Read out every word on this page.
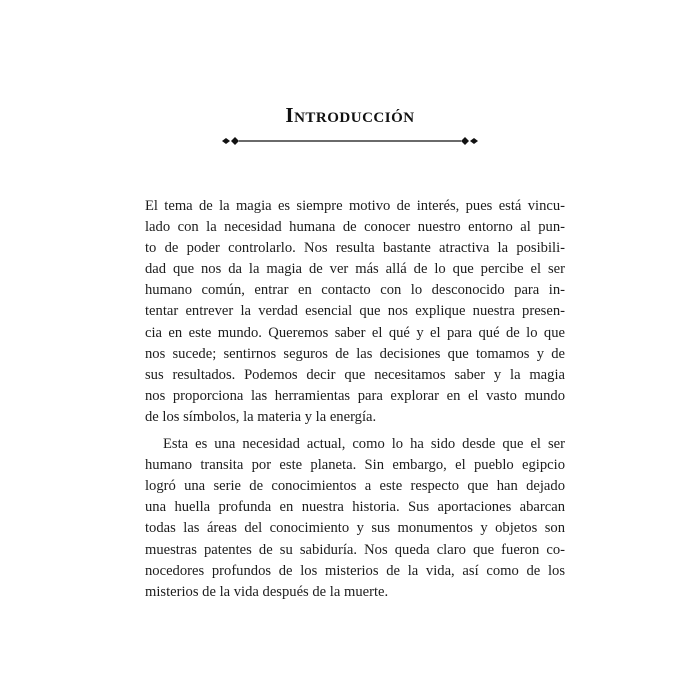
Introducción

El tema de la magia es siempre motivo de interés, pues está vincu-
lado con la necesidad humana de conocer nuestro entorno al pun-
to de poder controlarlo. Nos resulta bastante atractiva la posibili-
dad que nos da la magia de ver más allá de lo que percibe el ser
humano común, entrar en contacto con lo desconocido para in-
tentar entrever la verdad esencial que nos explique nuestra presen-
cia en este mundo. Queremos saber el qué y el para qué de lo que
nos sucede; sentirnos seguros de las decisiones que tomamos y de
sus resultados. Podemos decir que necesitamos saber y la magia
nos proporciona las herramientas para explorar en el vasto mundo
de los símbolos, la materia y la energía.

Esta es una necesidad actual, como lo ha sido desde que el ser
humano transita por este planeta. Sin embargo, el pueblo egipcio
logró una serie de conocimientos a este respecto que han dejado
una huella profunda en nuestra historia. Sus aportaciones abarcan
todas las áreas del conocimiento y sus monumentos y objetos son
muestras patentes de su sabiduría. Nos queda claro que fueron co-
nocedores profundos de los misterios de la vida, así como de los
misterios de la vida después de la muerte.
